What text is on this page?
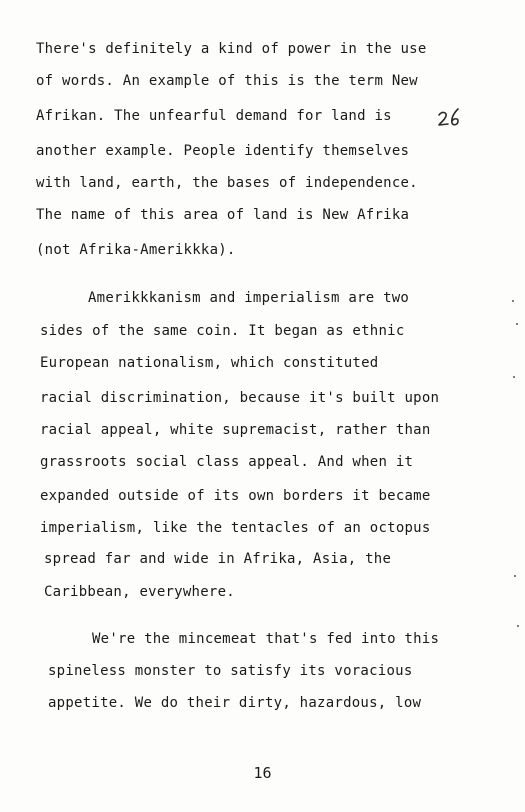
There's definitely a kind of power in the use
of words. An example of this is the term New
Afrikan. The unfearful demand for land is
another example. People identify themselves
with land, earth, the bases of independence.
The name of this area of land is New Afrika
(not Afrika-Amerikkka).
Amerikkkanism and imperialism are two
sides of the same coin. It began as ethnic
European nationalism, which constituted
racial discrimination, because it's built upon
racial appeal, white supremacist, rather than
grassroots social class appeal. And when it
expanded outside of its own borders it became
imperialism, like the tentacles of an octopus
spread far and wide in Afrika, Asia, the
Caribbean, everywhere.
We're the mincemeat that's fed into this
spineless monster to satisfy its voracious
appetite. We do their dirty, hazardous, low
16
